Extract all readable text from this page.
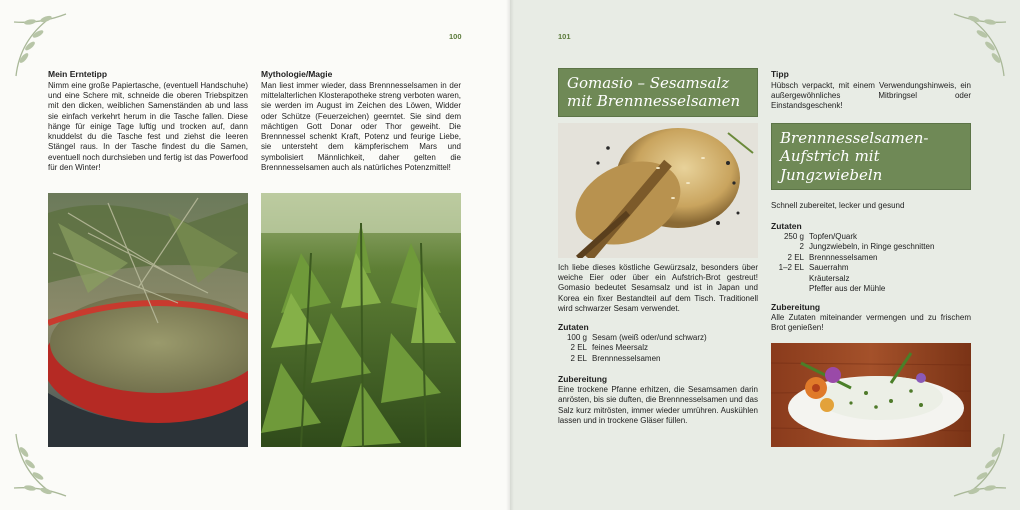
100
Mein Erntetipp
Nimm eine große Papiertasche, (eventuell Handschuhe) und eine Schere mit, schneide die oberen Triebspitzen mit den dicken, weiblichen Samenständen ab und lass sie einfach verkehrt herum in die Tasche fallen. Diese hänge für einige Tage luftig und trocken auf, dann knuddelst du die Tasche fest und ziehst die leeren Stängel raus. In der Tasche findest du die Samen, eventuell noch durchsieben und fertig ist das Powerfood für den Winter!
Mythologie/Magie
Man liest immer wieder, dass Brennnesselsamen in der mittelalterlichen Klosterapotheke streng verboten waren, sie werden im August im Zeichen des Löwen, Widder oder Schütze (Feuerzeichen) geerntet. Sie sind dem mächtigen Gott Donar oder Thor geweiht. Die Brennnessel schenkt Kraft, Potenz und feurige Liebe, sie untersteht dem kämpferischem Mars und symbolisiert Männlichkeit, daher gelten die Brennnesselsamen auch als natürliches Potenzmittel!
101
Gomasio – Sesamsalz mit Brennnesselsamen
Ich liebe dieses köstliche Gewürzsalz, besonders über weiche Eier oder über ein Aufstrich-Brot gestreut! Gomasio bedeutet Sesamsalz und ist in Japan und Korea ein fixer Bestandteil auf dem Tisch. Traditionell wird schwarzer Sesam verwendet.
Zutaten
100 g Sesam (weiß oder/und schwarz)
2 EL feines Meersalz
2 EL Brennnesselsamen
Zubereitung
Eine trockene Pfanne erhitzen, die Sesamsamen darin anrösten, bis sie duften, die Brennnesselsamen und das Salz kurz mitrösten, immer wieder umrühren. Auskühlen lassen und in trockene Gläser füllen.
Tipp
Hübsch verpackt, mit einem Verwendungshinweis, ein außergewöhnliches Mitbringsel oder Einstandsgeschenk!
Brennnesselsamen-Aufstrich mit Jungzwiebeln
Schnell zubereitet, lecker und gesund
Zutaten
250 g Topfen/Quark
2 Jungzwiebeln, in Ringe geschnitten
2 EL Brennnesselsamen
1–2 EL Sauerrahm
Kräutersalz
Pfeffer aus der Mühle
Zubereitung
Alle Zutaten miteinander vermengen und zu frischem Brot genießen!
